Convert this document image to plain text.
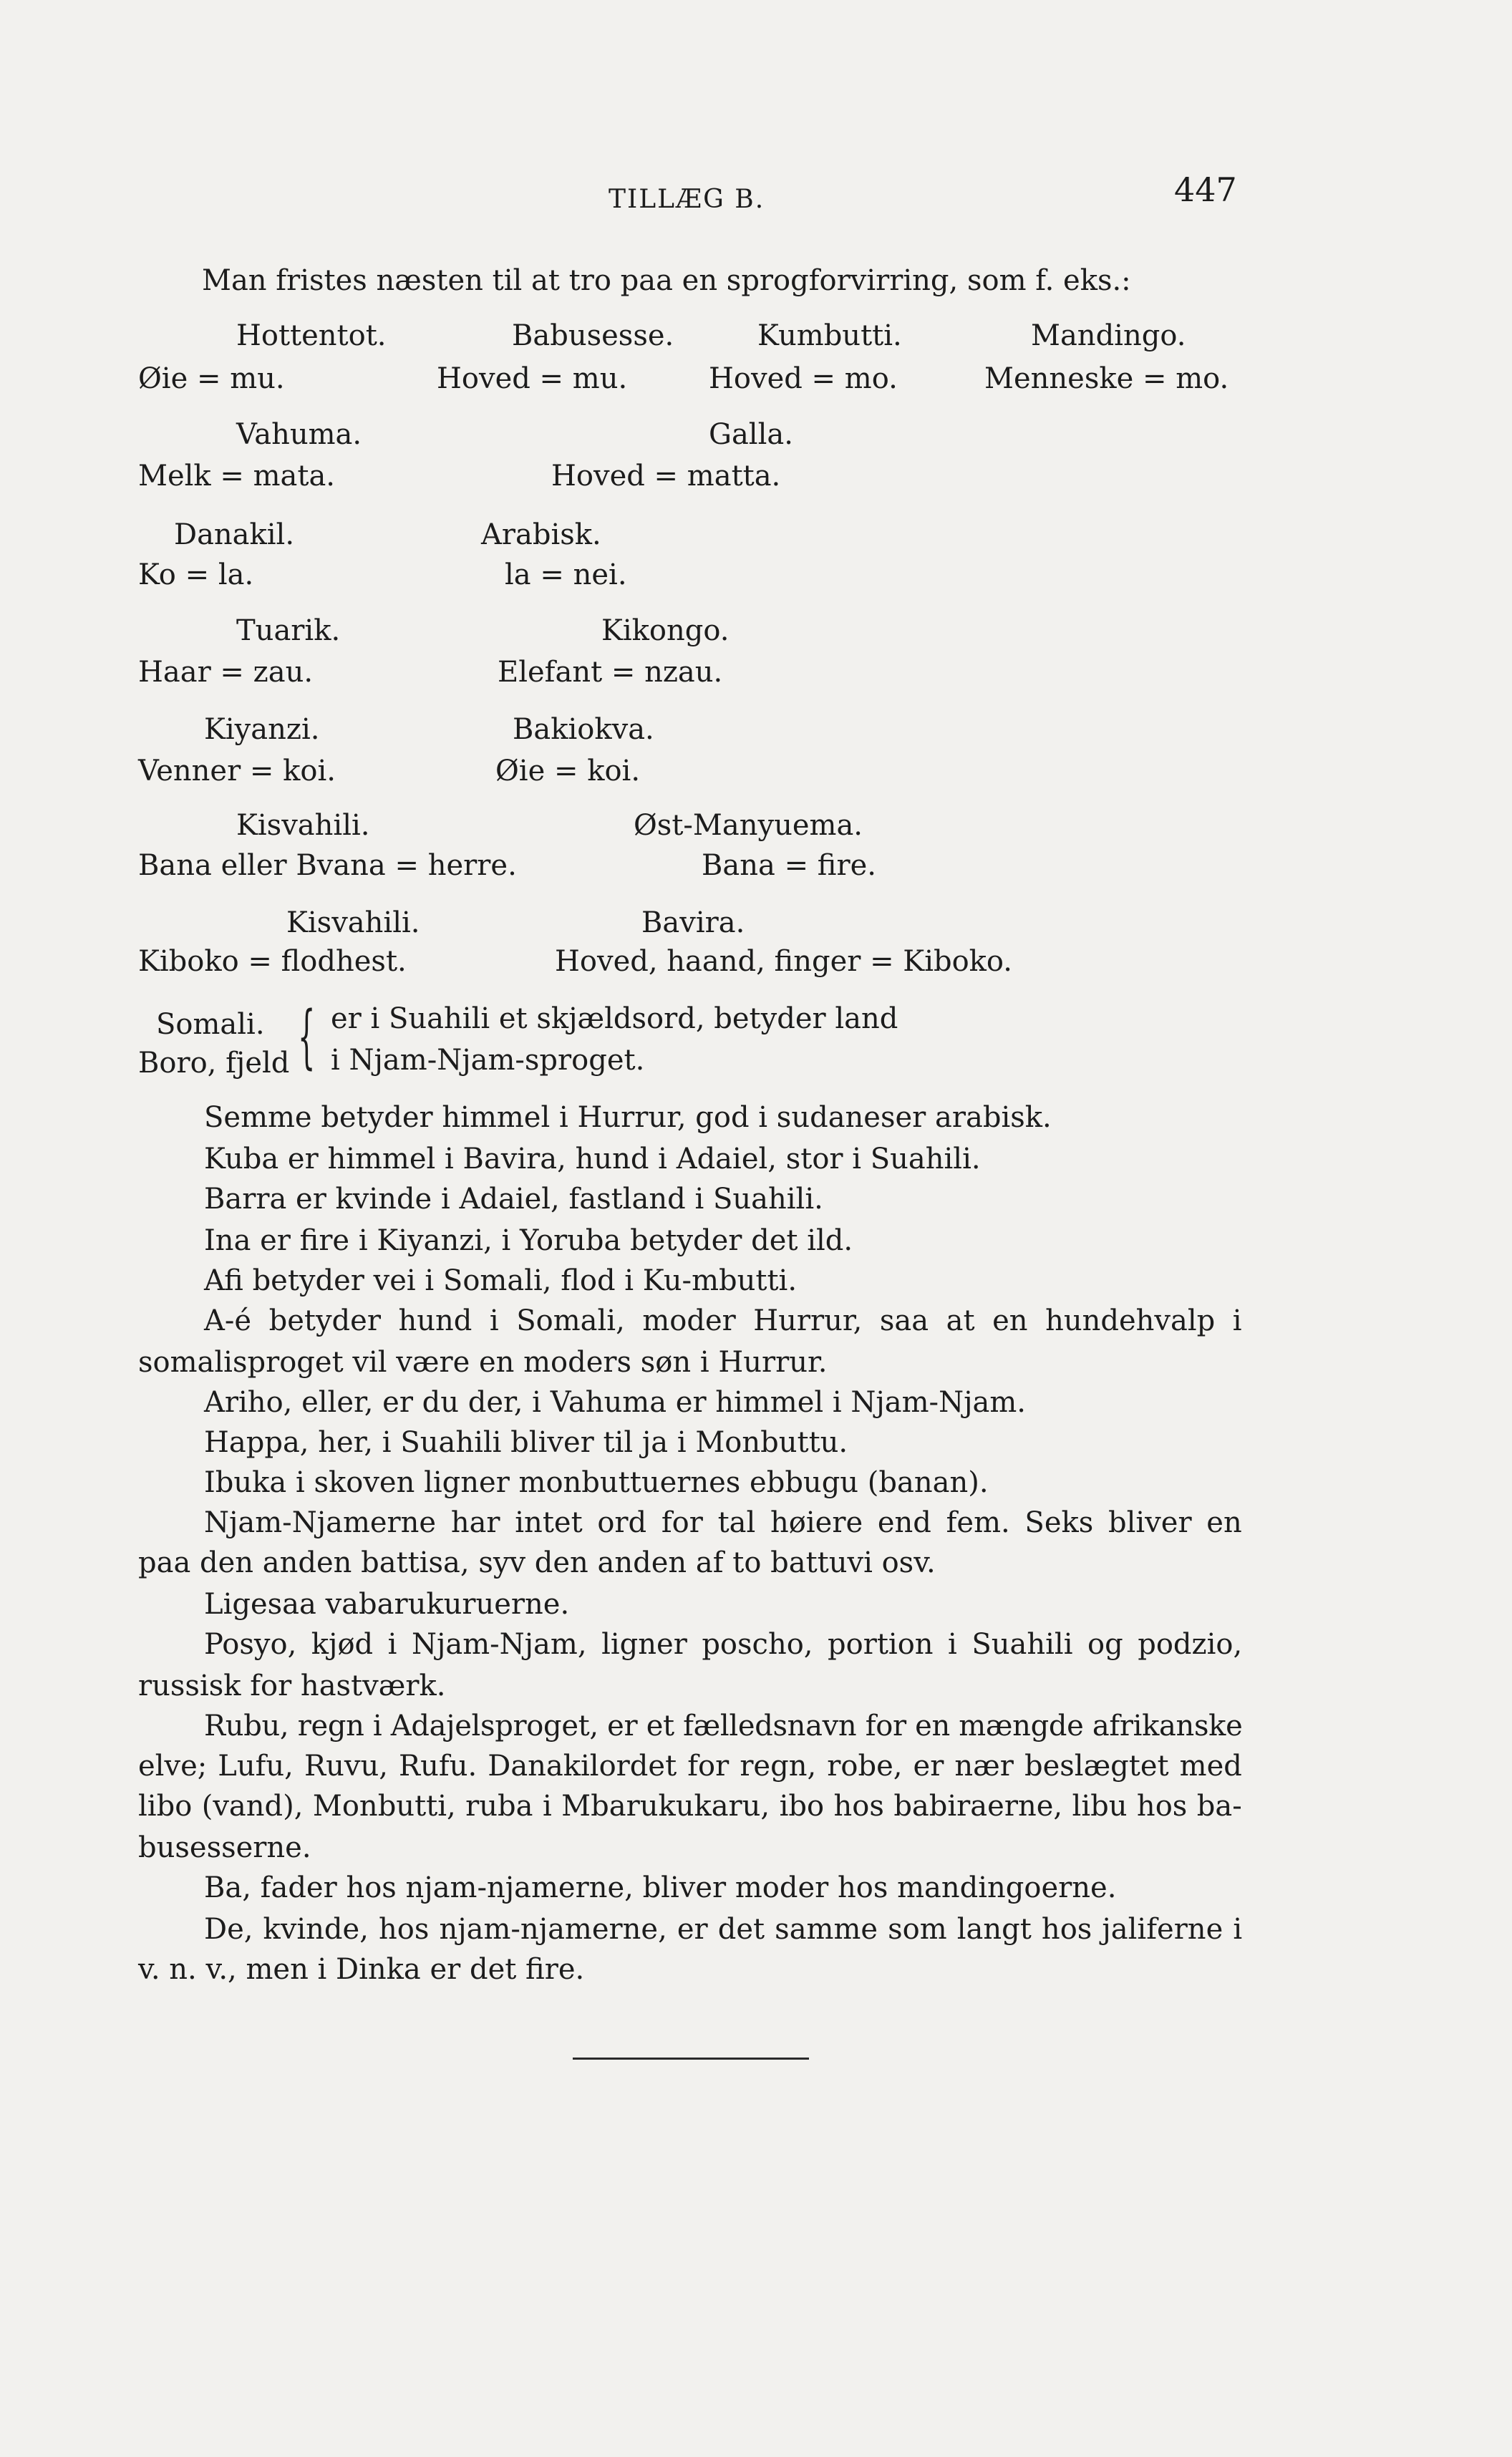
TILLÆG B.	447
Man fristes næsten til at tro paa en sprogforvirring, som f. eks.:
Hottentot.
Øie = mu.
Babusesse.
Hoved = mu.
Kumbutti.
Hoved = mo.
Mandingo.
Menneske = mo.
Vahuma.
Melk = mata.
Galla.
Hoved = matta.
Danakil.
Ko = la.
Arabisk.
la = nei.
Tuarik.
Haar = zau.
Kikongo.
Elefant = nzau.
Kiyanzi.
Venner = koi.
Bakiokva.
Øie = koi.
Kisvahili.
Bana eller Bvana = herre.
Øst-Manyuema.
Bana = fire.
Kisvahili.
Kiboko = flodhest.
Bavira.
Hoved, haand, finger = Kiboko.
Somali.
Boro, fjeld { er i Suahili et skjældsord, betyder land
i Njam-Njam-sproget.
Semme betyder himmel i Hurrur, god i sudaneser arabisk.
Kuba er himmel i Bavira, hund i Adaiel, stor i Suahili.
Barra er kvinde i Adaiel, fastland i Suahili.
Ina er fire i Kiyanzi, i Yoruba betyder det ild.
Afi betyder vei i Somali, flod i Ku-mbutti.
A-é betyder hund i Somali, moder Hurrur, saa at en hundehvalp i
somalisproget vil være en moders søn i Hurrur.
Ariho, eller, er du der, i Vahuma er himmel i Njam-Njam.
Happa, her, i Suahili bliver til ja i Monbuttu.
Ibuka i skoven ligner monbuttuernes ebbugu (banan).
Njam-Njamerne har intet ord for tal høiere end fem. Seks bliver en
paa den anden battisa, syv den anden af to battuvi osv.
Ligesaa vabarukuruerne.
Posyo, kjød i Njam-Njam, ligner poscho, portion i Suahili og podzio,
russisk for hastværk.
Rubu, regn i Adajelsproget, er et fælledsnavn for en mængde afrikanske
elve; Lufu, Ruvu, Rufu. Danakilordet for regn, robe, er nær beslægtet med
libo (vand), Monbutti, ruba i Mbarukukaru, ibo hos babiraerne, libu hos ba-
busesserne.
Ba, fader hos njam-njamerne, bliver moder hos mandingoerne.
De, kvinde, hos njam-njamerne, er det samme som langt hos jaliferne i
v. n. v., men i Dinka er det fire.
